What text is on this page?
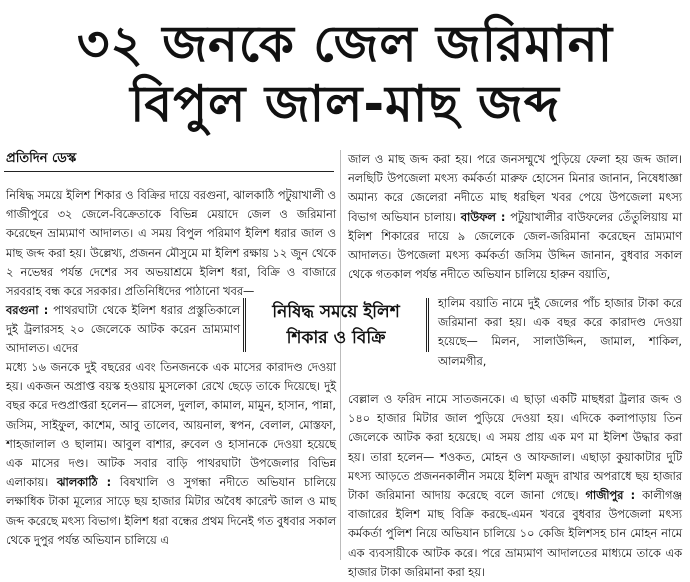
৩২ জনকে জেল জরিমানা
বিপুল জাল-মাছ জব্দ
প্রতিদিন ডেস্ক
নিষিদ্ধ সময়ে ইলিশ শিকার ও বিক্রির দায়ে বরগুনা, ঝালকাঠি পটুয়াখালী ও গাজীপুরে ৩২ জেলে-বিক্রেতাকে বিভিন্ন মেয়াদে জেল ও জরিমানা করেছেন ভ্রাম্যমাণ আদালত। এ সময় বিপুল পরিমাণ ইলিশ ধরার জাল ও মাছ জব্দ করা হয়। উল্লেখ্য, প্রজনন মৌসুমে মা ইলিশ রক্ষায় ১২ জুন থেকে ২ নভেম্বর পর্যন্ত দেশের সব অভয়াশ্রমে ইলিশ ধরা, বিক্রি ও বাজারে সরবরাহ বন্ধ করে সরকার। প্রতিনিধিদের পাঠানো খবর—
বরগুনা : পাথরঘাটা থেকে ইলিশ ধরার প্রস্তুতিকালে দুই ট্রলারসহ ২০ জেলেকে আটক করেন ভ্রাম্যমাণ আদালত। এদের
নিষিদ্ধ সময়ে ইলিশ
শিকার ও বিক্রি
মধ্যে ১৬ জনকে দুই বছরের এবং তিনজনকে এক মাসের কারাদণ্ড দেওয়া হয়। একজন অপ্রাপ্ত বয়স্ক হওয়ায় মুসলেকা রেখে ছেড়ে তাকে দিয়েছে। দুই বছর করে দণ্ডপ্রাপ্তরা হলেন— রাসেল, দুলাল, কামাল, মামুন, হাসান, পান্না, জসিম, সাইফুল, কাশেম, আবু তালেব, আয়নাল, স্বপন, বেলাল, মোস্তফা, শাহজালাল ও ছালাম। আবুল বাশার, রুবেল ও হাসানকে দেওয়া হয়েছে এক মাসের দণ্ড। আটক সবার বাড়ি পাথরঘাটা উপজেলার বিভিন্ন এলাকায়। ঝালকাঠি : বিষখালি ও সুগন্ধা নদীতে অভিযান চালিয়ে লক্ষাধিক টাকা মূল্যের সাড়ে ছয় হাজার মিটার অবৈধ কারেন্ট জাল ও মাছ জব্দ করেছে মৎস্য বিভাগ। ইলিশ ধরা বন্ধের প্রথম দিনেই গত বুধবার সকাল থেকে দুপুর পর্যন্ত অভিযান চালিয়ে এ
জাল ও মাছ জব্দ করা হয়। পরে জনসম্মুখে পুড়িয়ে ফেলা হয় জব্দ জাল। নলছিটি উপজেলা মৎস্য কর্মকর্তা মারুফ হোসেন মিনার জানান, নিষেধাজ্ঞা অমান্য করে জেলেরা নদীতে মাছ ধরছিল খবর পেয়ে উপজেলা মৎস্য বিভাগ অভিযান চালায়। বাউফল : পটুয়াখালীর বাউফলের তেঁতুলিয়ায় মা ইলিশ শিকারের দায়ে ৯ জেলেকে জেল-জরিমানা করেছেন ভ্রাম্যমাণ আদালত। উপজেলা মৎস্য কর্মকর্তা জসিম উদ্দিন জানান, বুধবার সকাল থেকে গতকাল পর্যন্ত নদীতে অভিযান চালিয়ে হারুন বয়াতি,
হালিম বয়াতি নামে দুই জেলের পাঁচ হাজার টাকা করে জরিমানা করা হয়। এক বছর করে কারাদণ্ড দেওয়া হয়েছে— মিলন, সালাউদ্দিন, জামাল, শাকিল, আলমগীর,
বেল্লাল ও ফরিদ নামে সাতজনকে। এ ছাড়া একটি মাছধরা ট্রলার জব্দ ও ১৪০ হাজার মিটার জাল পুড়িয়ে দেওয়া হয়। এদিকে কলাপাড়ায় তিন জেলেকে আটক করা হয়েছে। এ সময় প্রায় এক মণ মা ইলিশ উদ্ধার করা হয়। তারা হলেন— শওকত, মোহন ও আফজাল। এছাড়া কুয়াকাটার দুটি মৎস্য আড়তে প্রজননকালীন সময়ে ইলিশ মজুদ রাখার অপরাধে ছয় হাজার টাকা জরিমানা আদায় করেছে বলে জানা গেছে। গাজীপুর : কালীগঞ্জ বাজারের ইলিশ মাছ বিক্রি করছে-এমন খবরে বুধবার উপজেলা মৎস্য কর্মকর্তা পুলিশ নিয়ে অভিযান চালিয়ে ১০ কেজি ইলিশসহ চান মোহন নামে এক ব্যবসায়ীকে আটক করে। পরে ভ্রাম্যমাণ আদালতের মাধ্যমে তাকে এক হাজার টাকা জরিমানা করা হয়।
